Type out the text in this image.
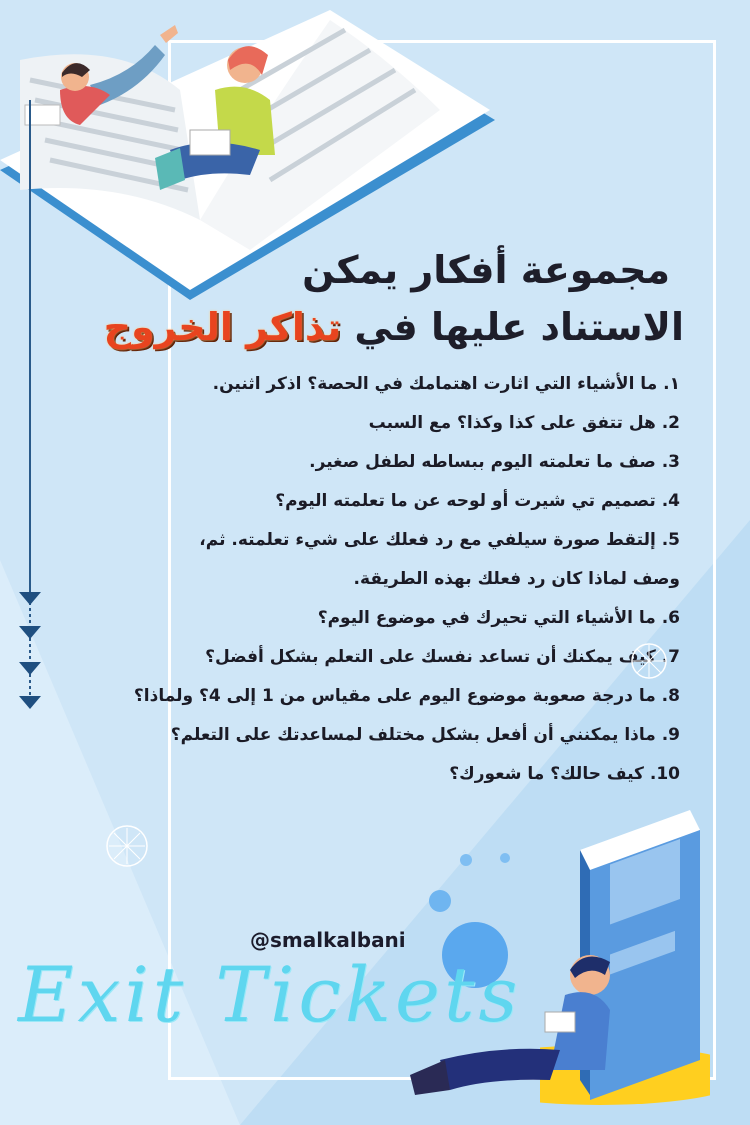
مجموعة أفكار يمكن
الاستناد عليها في تذاكر الخروج
١. ما الأشياء التي اثارت اهتمامك في الحصة؟ اذكر اثنين.
2. هل تتفق على كذا وكذا؟ مع السبب
3. صف ما تعلمته اليوم ببساطه لطفل صغير.
4. تصميم تي شيرت أو لوحه عن ما تعلمته اليوم؟
5. إلتقط صورة سيلفي مع رد فعلك على شيء تعلمته. ثم،
وصف لماذا كان رد فعلك بهذه الطريقة.
6. ما الأشياء التي تحيرك في موضوع اليوم؟
7. كيف يمكنك أن تساعد نفسك على التعلم بشكل أفضل؟
8. ما درجة صعوبة موضوع اليوم على مقياس من 1 إلى 4؟ ولماذا؟
9. ماذا يمكنني أن أفعل بشكل مختلف لمساعدتك على التعلم؟
10. كيف حالك؟ ما شعورك؟
@smalkalbani
Exit Tickets
